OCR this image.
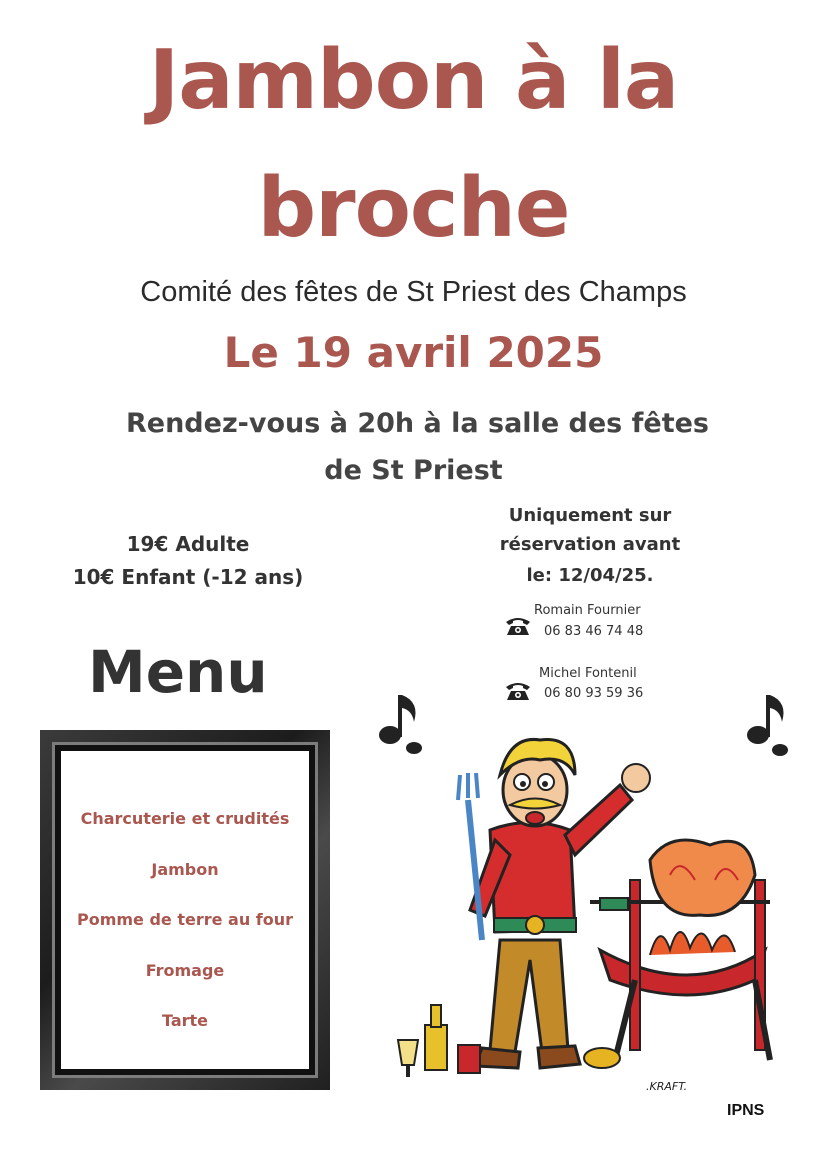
Jambon à la
broche
Comité des fêtes de St Priest des Champs
Le 19 avril 2025
Rendez-vous à 20h à la salle des fêtes
de St Priest
19€ Adulte
10€ Enfant (-12 ans)
Uniquement sur
réservation avant
le: 12/04/25.
Romain Fournier
06 83 46 74 48
Michel Fontenil
06 80 93 59 36
Menu
Charcuterie et crudités
Jambon
Pomme de terre au four
Fromage
Tarte
.KRAFT.
IPNS
